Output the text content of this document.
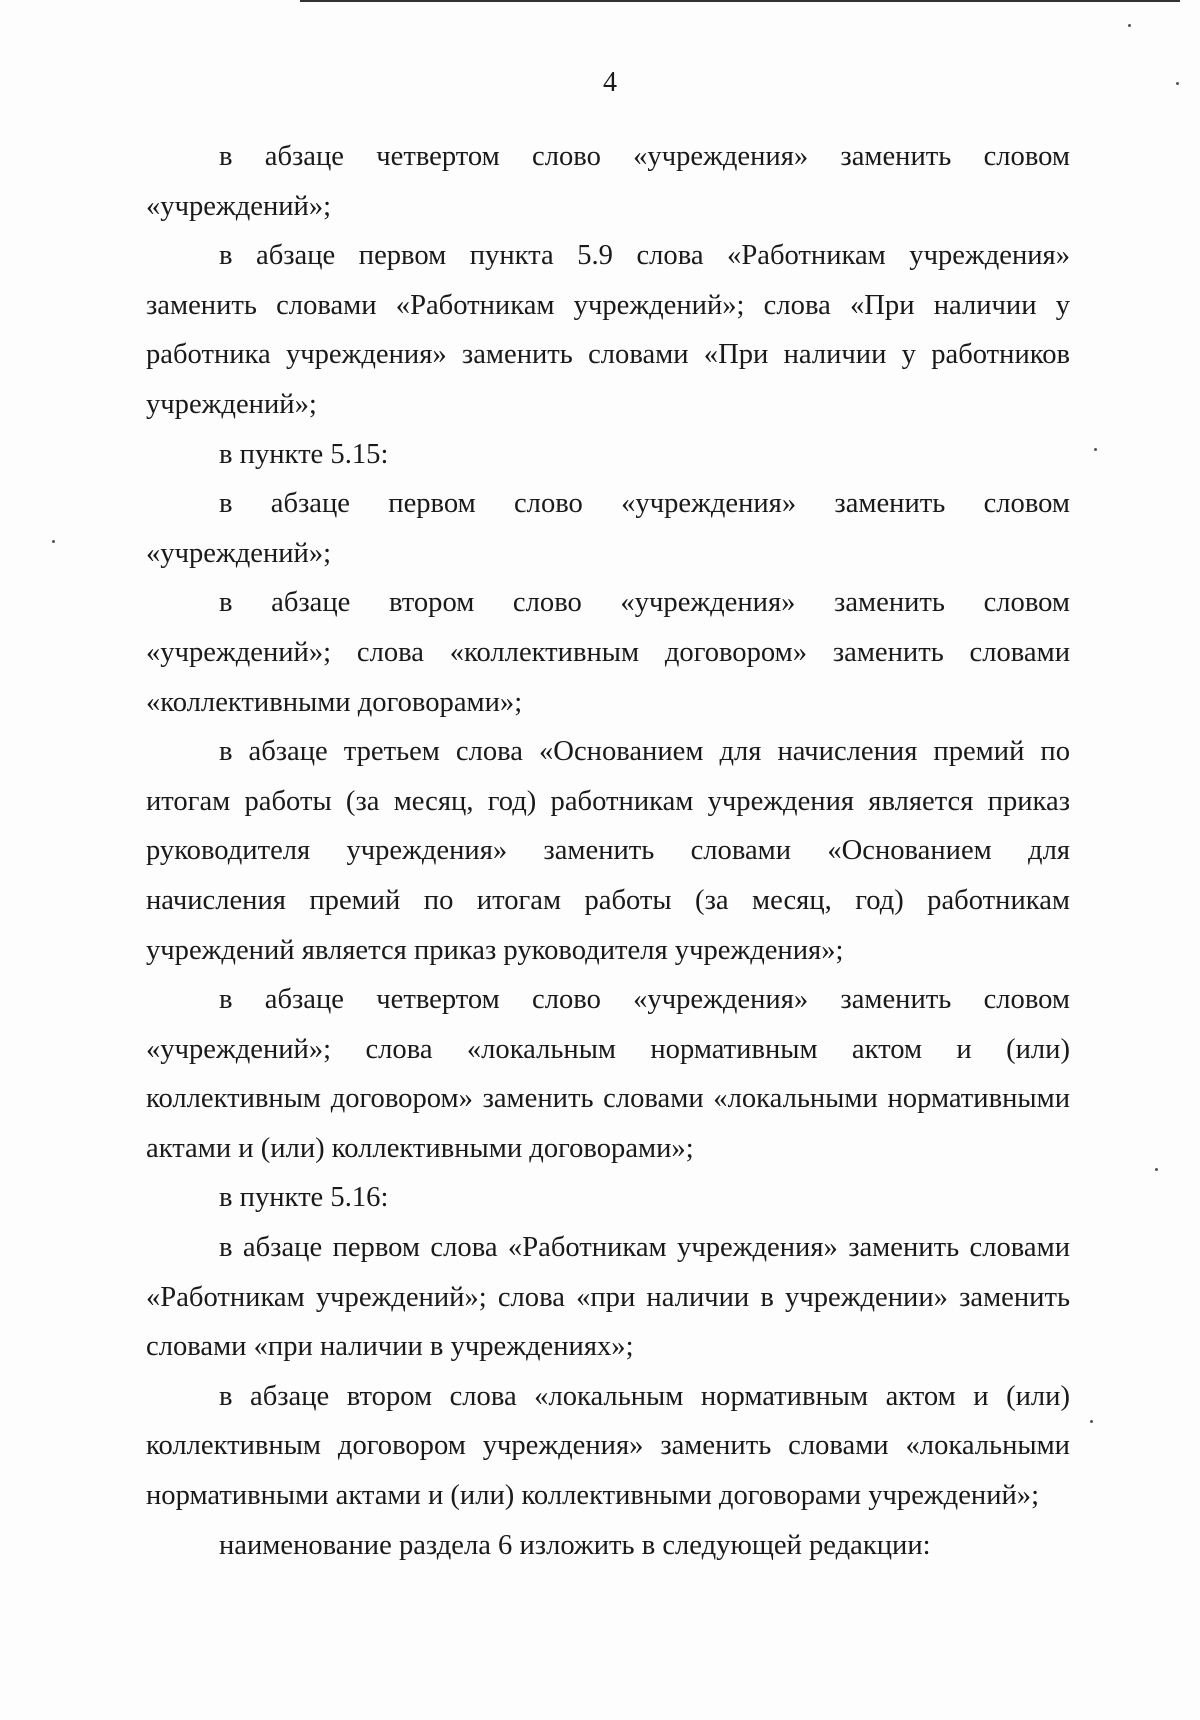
4

в абзаце четвертом слово «учреждения» заменить словом «учреждений»;

в абзаце первом пункта 5.9 слова «Работникам учреждения» заменить словами «Работникам учреждений»; слова «При наличии у работника учреждения» заменить словами «При наличии у работников учреждений»;

в пункте 5.15:

в абзаце первом слово «учреждения» заменить словом «учреждений»;

в абзаце втором слово «учреждения» заменить словом «учреждений»; слова «коллективным договором» заменить словами «коллективными договорами»;

в абзаце третьем слова «Основанием для начисления премий по итогам работы (за месяц, год) работникам учреждения является приказ руководителя учреждения» заменить словами «Основанием для начисления премий по итогам работы (за месяц, год) работникам учреждений является приказ руководителя учреждения»;

в абзаце четвертом слово «учреждения» заменить словом «учреждений»; слова «локальным нормативным актом и (или) коллективным договором» заменить словами «локальными нормативными актами и (или) коллективными договорами»;

в пункте 5.16:

в абзаце первом слова «Работникам учреждения» заменить словами «Работникам учреждений»; слова «при наличии в учреждении» заменить словами «при наличии в учреждениях»;

в абзаце втором слова «локальным нормативным актом и (или) коллективным договором учреждения» заменить словами «локальными нормативными актами и (или) коллективными договорами учреждений»;

наименование раздела 6 изложить в следующей редакции:
